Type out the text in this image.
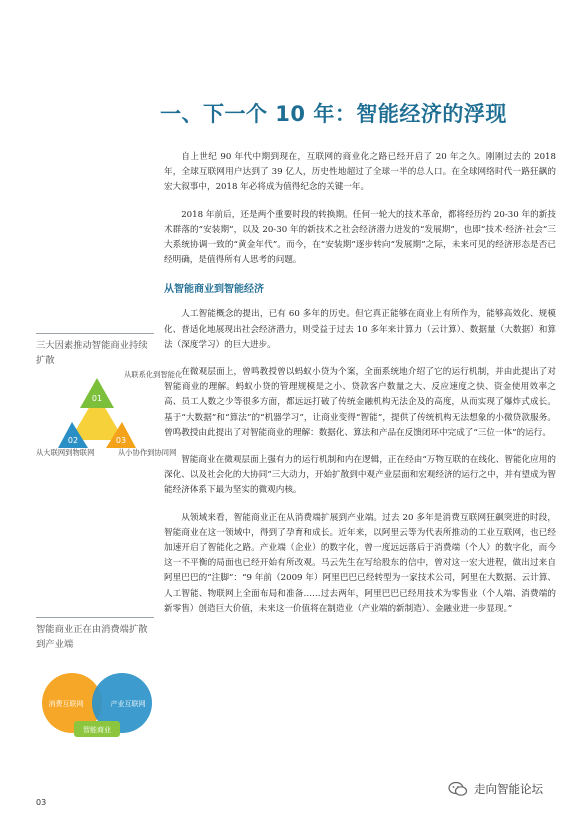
一、下一个 10 年：智能经济的浮现

自上世纪 90 年代中期到现在，互联网的商业化之路已经开启了 20 年之久。刚刚过去的 2018 年，全球互联网用户达到了 39 亿人，历史性地超过了全球一半的总人口。在全球网络时代一路狂飙的宏大叙事中，2018 年必将成为值得纪念的关键一年。

2018 年前后，还是两个重要时段的转换期。任何一轮大的技术革命，都将经历约 20-30 年的新技术群落的“安装期”，以及 20-30 年的新技术之社会经济潜力迸发的“发展期”，也即“技术·经济·社会”三大系统协调一致的“黄金年代”。而今，在“安装期”逐步转向“发展期”之际，未来可见的经济形态是否已经明确，是值得所有人思考的问题。

从智能商业到智能经济

人工智能概念的提出，已有 60 多年的历史。但它真正能够在商业上有所作为，能够高效化、规模化、普适化地展现出社会经济潜力，则受益于过去 10 多年来计算力（云计算）、数据量（大数据）和算法（深度学习）的巨大进步。

在微观层面上，曾鸣教授曾以蚂蚁小贷为个案，全面系统地介绍了它的运行机制，并由此提出了对智能商业的理解。蚂蚁小贷的管理规模是之小、贷款客户数量之大、反应速度之快、资金使用效率之高、员工人数之少等很多方面，都远远打破了传统金融机构无法企及的高度，从而实现了爆炸式成长。基于“大数据”和“算法”的“机器学习”，让商业变得“智能”，提供了传统机构无法想象的小微贷款服务。曾鸣教授由此提出了对智能商业的理解：数据化、算法和产品在反馈闭环中完成了“三位一体”的运行。

智能商业在微观层面上强有力的运行机制和内在逻辑，正在经由“万物互联的在线化、智能化应用的深化、以及社会化的大协同”三大动力，开始扩散到中观产业层面和宏观经济的运行之中，并有望成为智能经济体系下最为坚实的微观内核。

从领域来看，智能商业正在从消费端扩展到产业端。过去 20 多年是消费互联网狂飙突进的时段，智能商业在这一领域中，得到了孕育和成长。近年来，以阿里云等为代表所推动的工业互联网，也已经加速开启了智能化之路。产业端（企业）的数字化，曾一度远远落后于消费端（个人）的数字化，而今这一不平衡的局面也已经开始有所改观。马云先生在写给股东的信中，曾对这一宏大进程，做出过来自阿里巴巴的“注脚”：“9 年前（2009 年）阿里巴巴已经转型为一家技术公司，阿里在大数据、云计算、人工智能、物联网上全面布局和准备……过去两年，阿里巴巴已经用技术为零售业（个人端、消费端的新零售）创造巨大价值，未来这一价值将在制造业（产业端的新制造）、金融业进一步显现。”

三大因素推动智能商业持续扩散
01
02	03
从联系化到智能化
从大联网到物联网	从小协作到协同网
智能商业正在由消费端扩散到产业端
消费互联网	产业互联网
智能商业
03
走向智能论坛
